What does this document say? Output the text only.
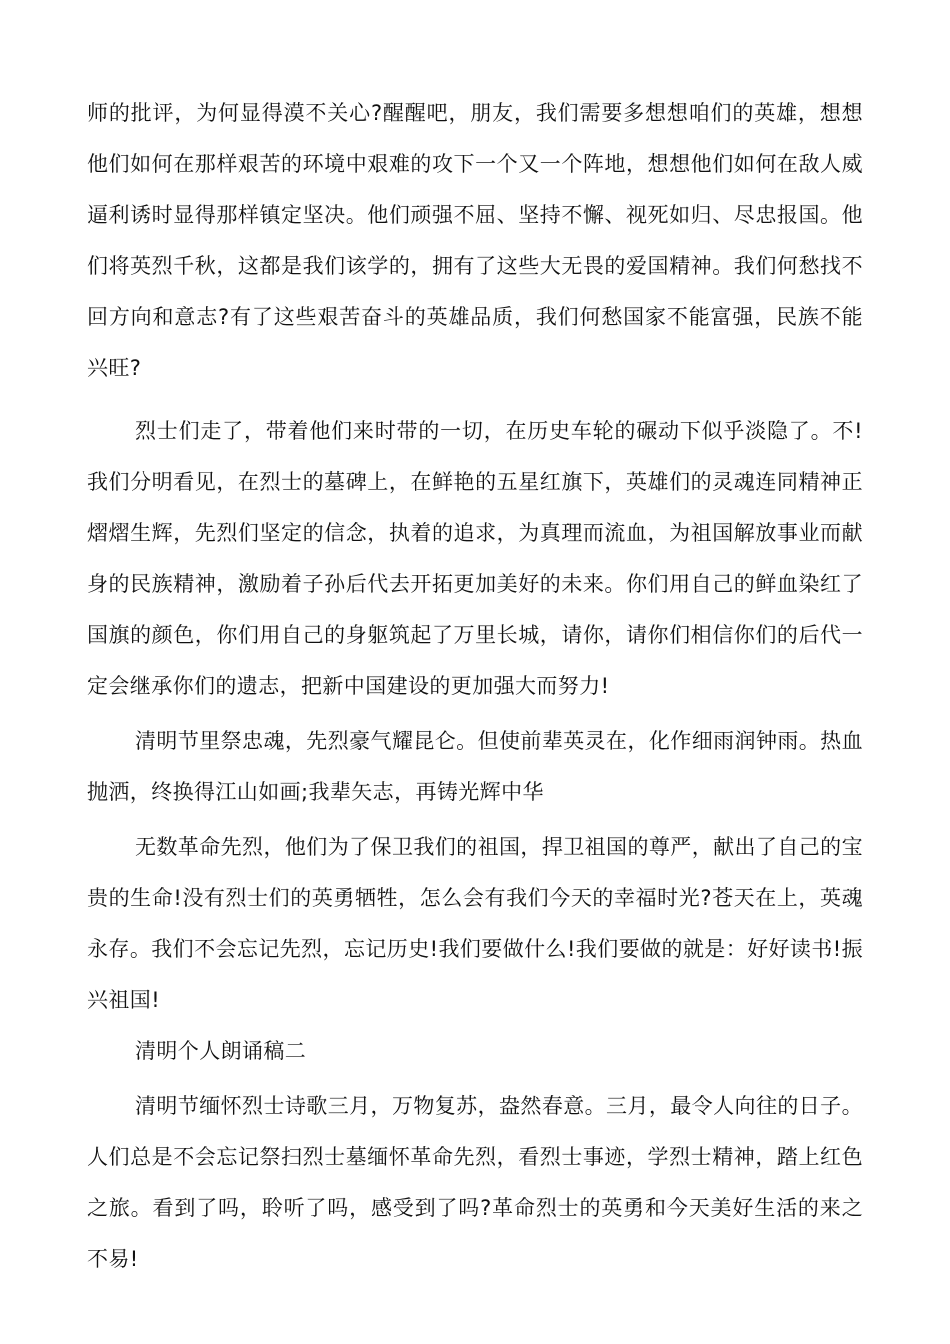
师的批评，为何显得漠不关心?醒醒吧，朋友，我们需要多想想咱们的英雄，想想他们如何在那样艰苦的环境中艰难的攻下一个又一个阵地，想想他们如何在敌人威逼利诱时显得那样镇定坚决。他们顽强不屈、坚持不懈、视死如归、尽忠报国。他们将英烈千秋，这都是我们该学的，拥有了这些大无畏的爱国精神。我们何愁找不回方向和意志?有了这些艰苦奋斗的英雄品质，我们何愁国家不能富强，民族不能兴旺?

烈士们走了，带着他们来时带的一切，在历史车轮的碾动下似乎淡隐了。不!我们分明看见，在烈士的墓碑上，在鲜艳的五星红旗下，英雄们的灵魂连同精神正熠熠生辉，先烈们坚定的信念，执着的追求，为真理而流血，为祖国解放事业而献身的民族精神，激励着子孙后代去开拓更加美好的未来。你们用自己的鲜血染红了国旗的颜色，你们用自己的身躯筑起了万里长城，请你，请你们相信你们的后代一定会继承你们的遗志，把新中国建设的更加强大而努力!

清明节里祭忠魂，先烈豪气耀昆仑。但使前辈英灵在，化作细雨润钟雨。热血抛洒，终换得江山如画;我辈矢志，再铸光辉中华

无数革命先烈，他们为了保卫我们的祖国，捍卫祖国的尊严，献出了自己的宝贵的生命!没有烈士们的英勇牺牲，怎么会有我们今天的幸福时光?苍天在上，英魂永存。我们不会忘记先烈，忘记历史!我们要做什么!我们要做的就是：好好读书!振兴祖国!

清明个人朗诵稿二

清明节缅怀烈士诗歌三月，万物复苏，盎然春意。三月，最令人向往的日子。人们总是不会忘记祭扫烈士墓缅怀革命先烈，看烈士事迹，学烈士精神，踏上红色之旅。看到了吗，聆听了吗，感受到了吗?革命烈士的英勇和今天美好生活的来之不易!
